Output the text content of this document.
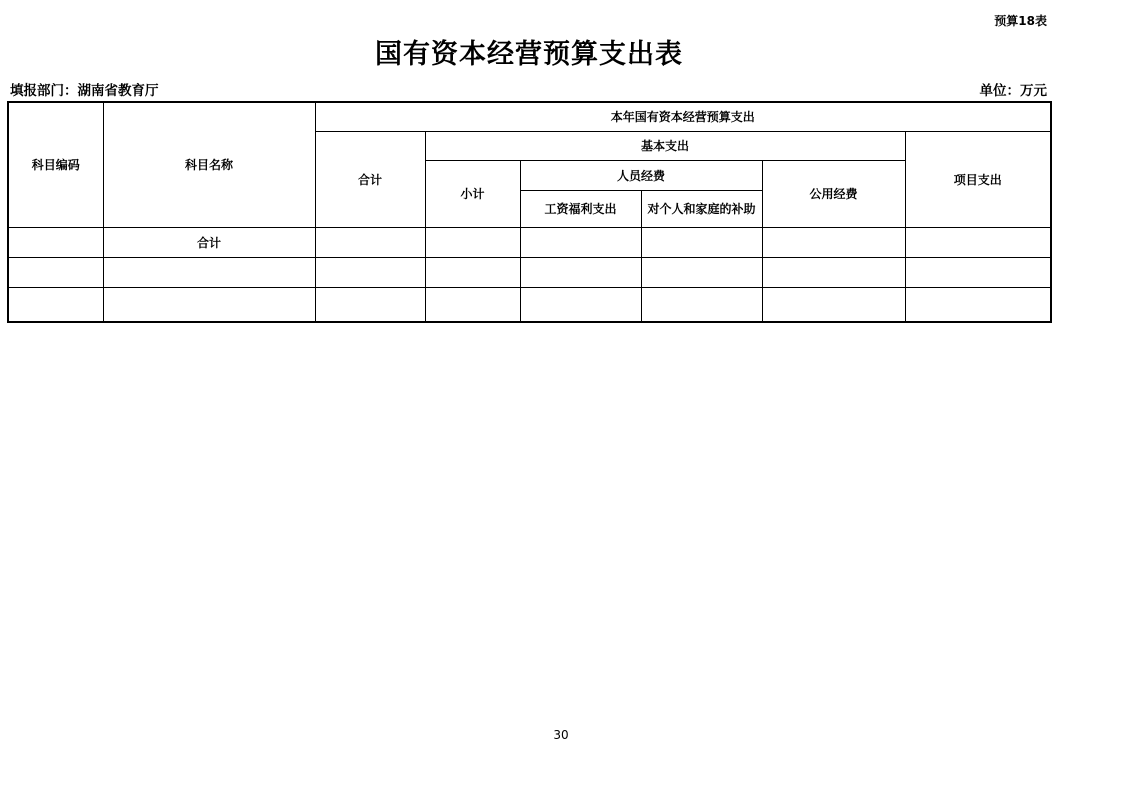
预算18表
国有资本经营预算支出表
填报部门：湖南省教育厅	单位：万元
科目编码	科目名称	本年国有资本经营预算支出					
		合计	基本支出				项目支出
			小计	人员经费		公用经费	
				工资福利支出	对个人和家庭的补助		
	合计						

30
